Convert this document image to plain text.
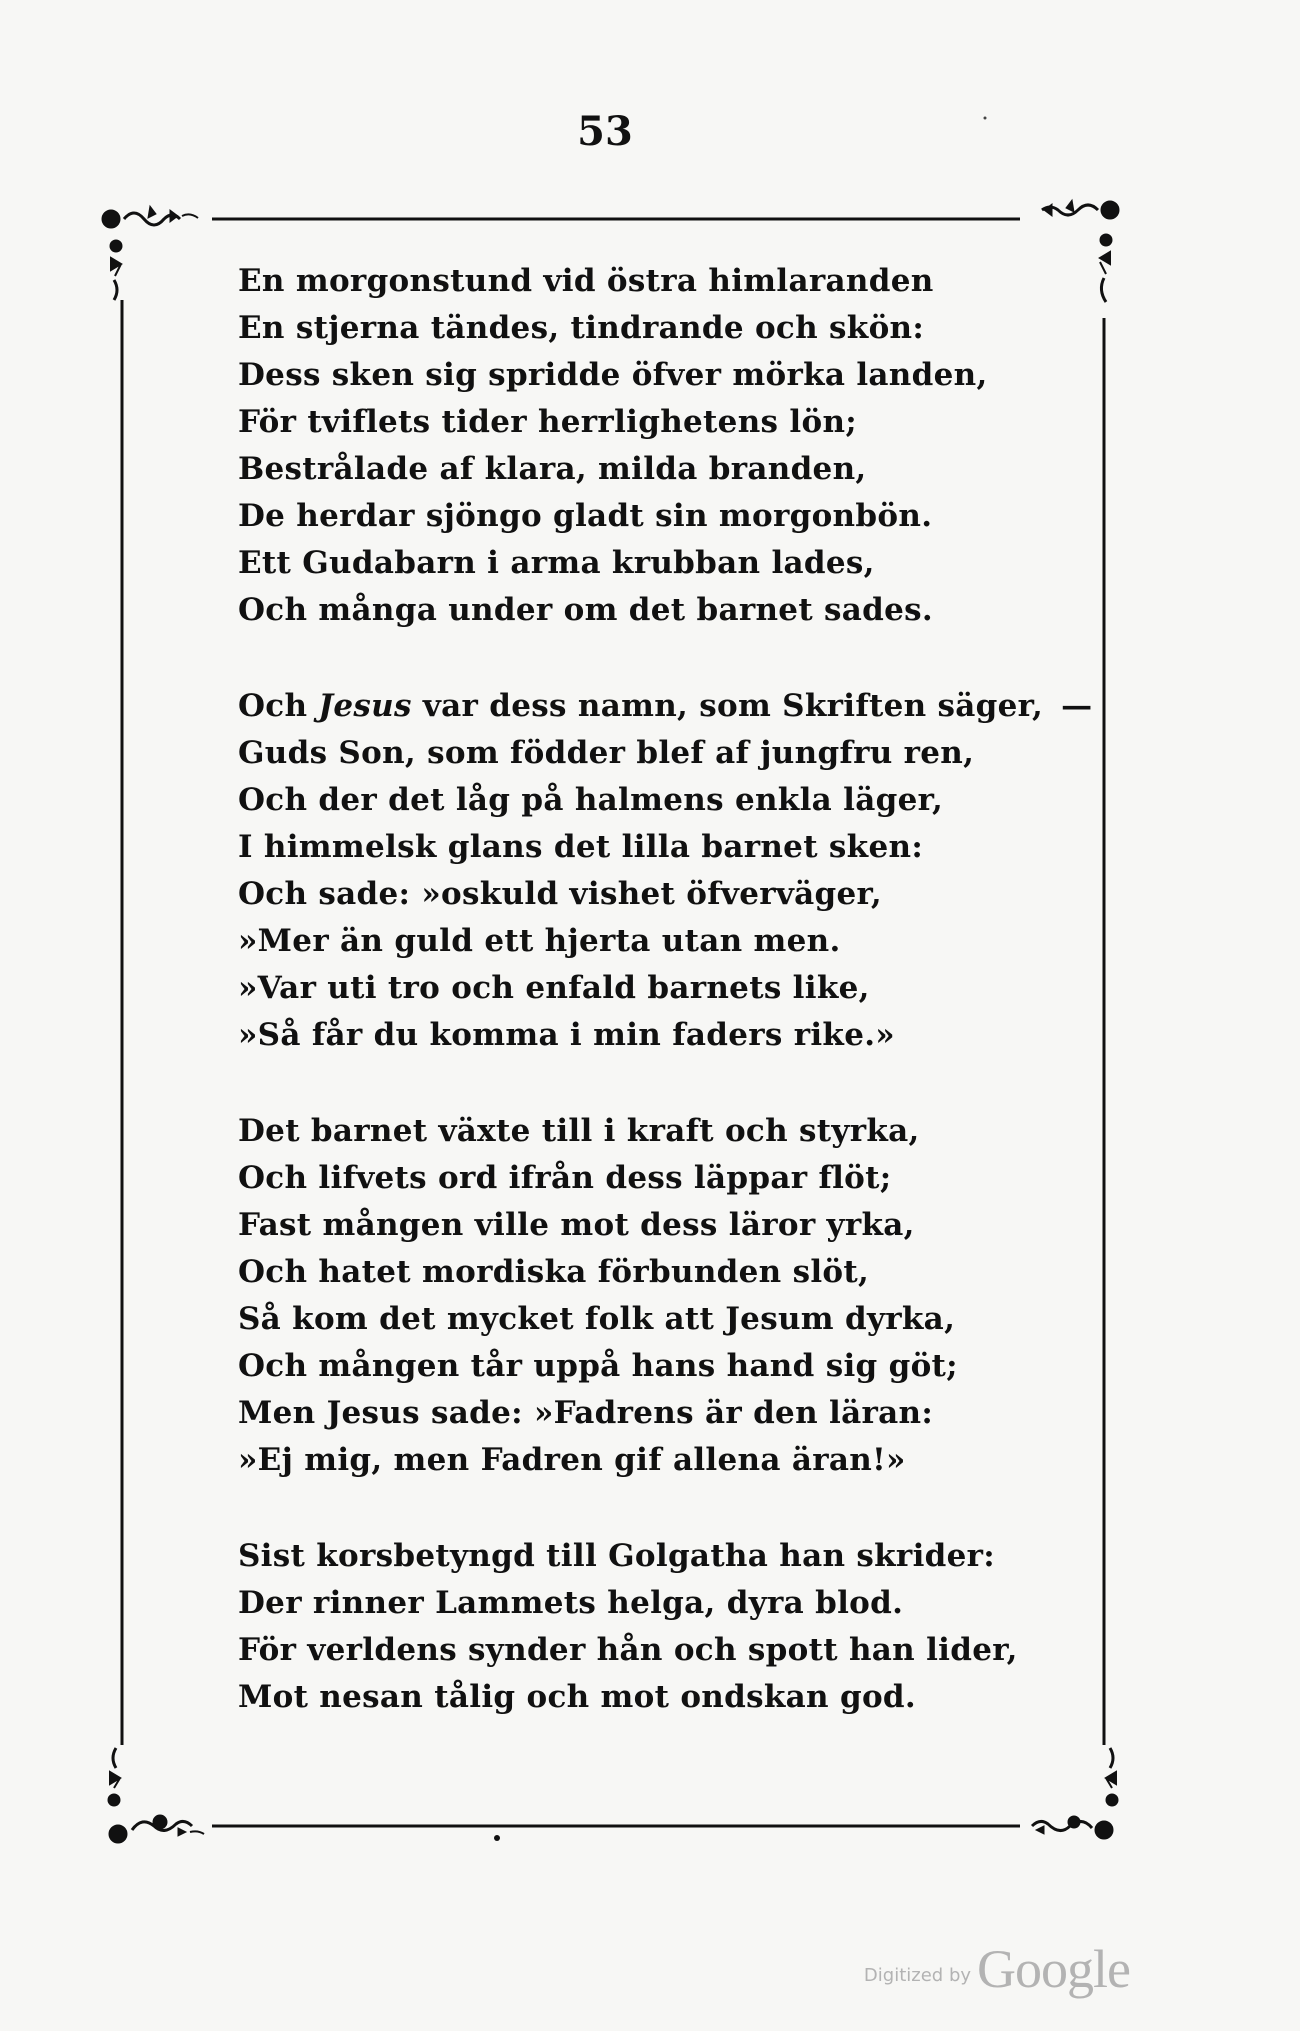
53
En morgonstund vid östra himlaranden
En stjerna tändes, tindrande och skön:
Dess sken sig spridde öfver mörka landen,
För tviflets tider herrlighetens lön;
Bestrålade af klara, milda branden,
De herdar sjöngo gladt sin morgonbön.
Ett Gudabarn i arma krubban lades,
Och många under om det barnet sades.
Och Jesus var dess namn, som Skriften säger, —
Guds Son, som födder blef af jungfru ren,
Och der det låg på halmens enkla läger,
I himmelsk glans det lilla barnet sken:
Och sade: »oskuld vishet öfverväger,
»Mer än guld ett hjerta utan men.
»Var uti tro och enfald barnets like,
»Så får du komma i min faders rike.»
Det barnet växte till i kraft och styrka,
Och lifvets ord ifrån dess läppar flöt;
Fast mången ville mot dess läror yrka,
Och hatet mordiska förbunden slöt,
Så kom det mycket folk att Jesum dyrka,
Och mången tår uppå hans hand sig göt;
Men Jesus sade: »Fadrens är den läran:
»Ej mig, men Fadren gif allena äran!»
Sist korsbetyngd till Golgatha han skrider:
Der rinner Lammets helga, dyra blod.
För verldens synder hån och spott han lider,
Mot nesan tålig och mot ondskan god.
Digitized by Google
